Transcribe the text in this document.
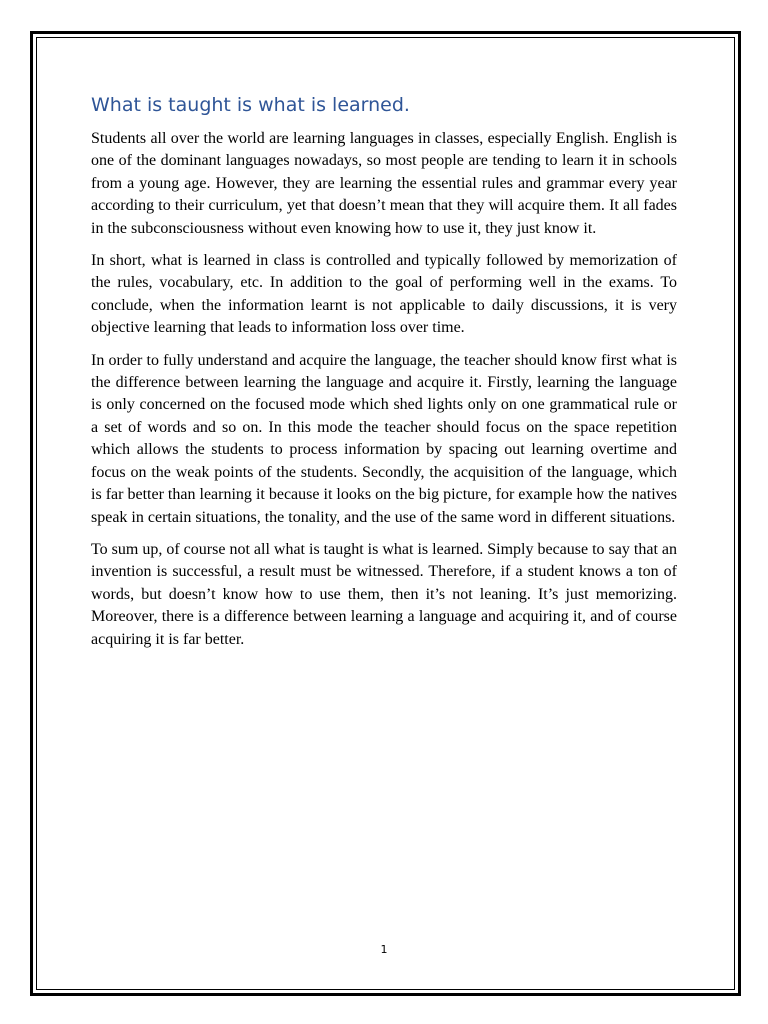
What is taught is what is learned.

Students all over the world are learning languages in classes, especially English. English is one of the dominant languages nowadays, so most people are tending to learn it in schools from a young age. However, they are learning the essential rules and grammar every year according to their curriculum, yet that doesn’t mean that they will acquire them. It all fades in the subconsciousness without even knowing how to use it, they just know it.

In short, what is learned in class is controlled and typically followed by memorization of the rules, vocabulary, etc. In addition to the goal of performing well in the exams. To conclude, when the information learnt is not applicable to daily discussions, it is very objective learning that leads to information loss over time.

In order to fully understand and acquire the language, the teacher should know first what is the difference between learning the language and acquire it. Firstly, learning the language is only concerned on the focused mode which shed lights only on one grammatical rule or a set of words and so on. In this mode the teacher should focus on the space repetition which allows the students to process information by spacing out learning overtime and focus on the weak points of the students. Secondly, the acquisition of the language, which is far better than learning it because it looks on the big picture, for example how the natives speak in certain situations, the tonality, and the use of the same word in different situations.

To sum up, of course not all what is taught is what is learned. Simply because to say that an invention is successful, a result must be witnessed. Therefore, if a student knows a ton of words, but doesn’t know how to use them, then it’s not leaning. It’s just memorizing. Moreover, there is a difference between learning a language and acquiring it, and of course acquiring it is far better.

1
